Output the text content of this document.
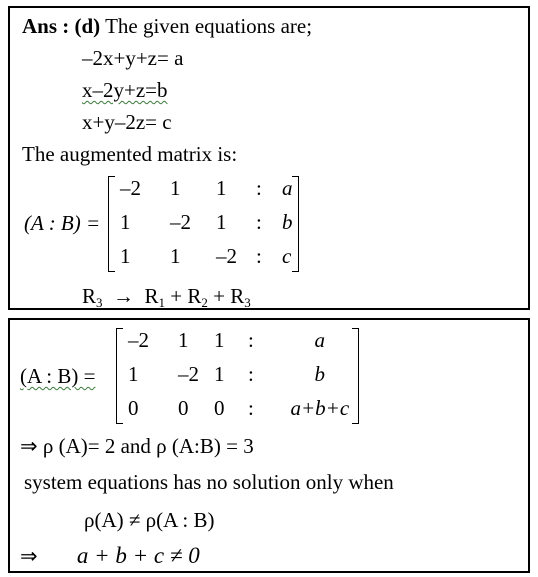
Ans : (d) The given equations are;
–2x+y+z= a
x–2y+z=b
x+y–2z= c
The augmented matrix is:
(A : B) =
–2 1 1 : a
1 –2 1 : b
1 1 –2 : c
$R_3 \to R_1 + R_2 + R_3$
(A : B) =
–2 1 1 :	a
1 –2 1 :	b
0 0 0 : a+b+c
⇒ ρ (A)= 2 and ρ (A:B) = 3
system equations has no solution only when
ρ(A) ≠ ρ(A : B)
⇒ a + b + c ≠ 0
